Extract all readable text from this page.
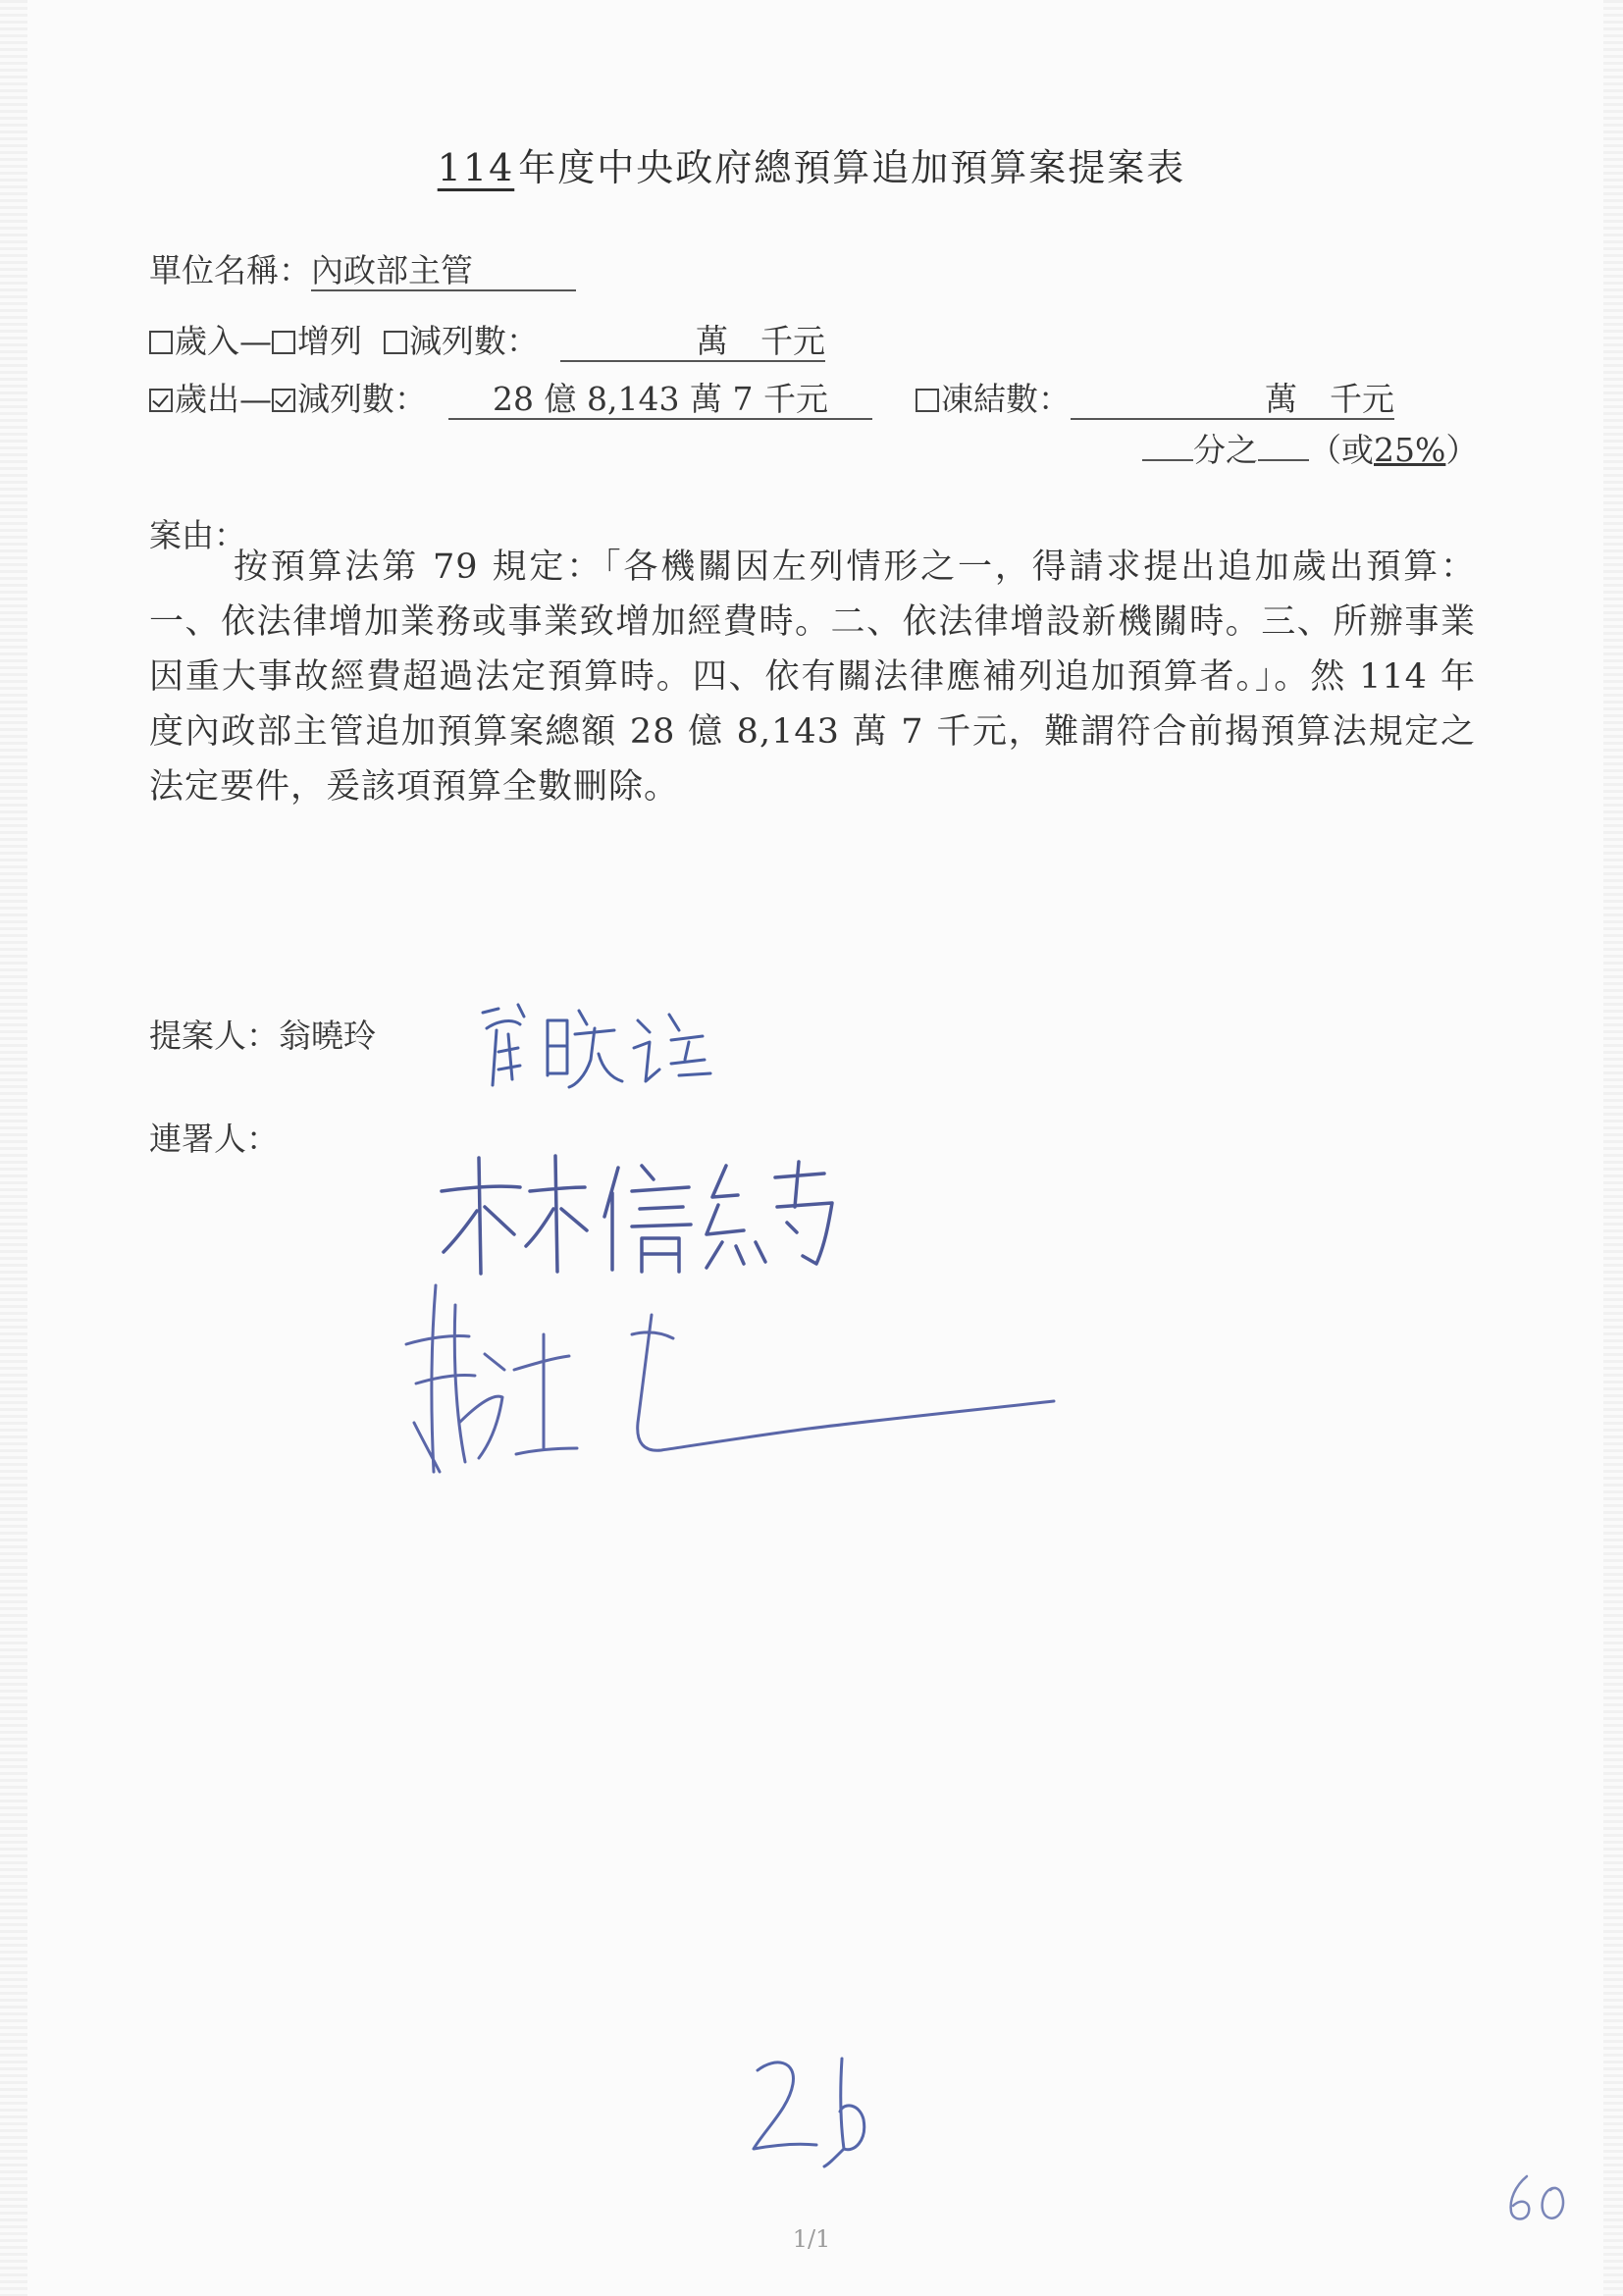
114 年度中央政府總預算追加預算案提案表
單位名稱：內政部主管
歲入— 增列 減列數：	萬　千元
歲出— 減列數： 28 億 8,143 萬 7 千元	凍結數：	萬　千元
分之 （或25%）
案由：
按預算法第 79 規定：「各機關因左列情形之一，得請求提出追加歲出預算：一、依法律增加業務或事業致增加經費時。二、依法律增設新機關時。三、所辦事業因重大事故經費超過法定預算時。四、依有關法律應補列追加預算者。」。然 114 年度內政部主管追加預算案總額 28 億 8,143 萬 7 千元，難謂符合前揭預算法規定之法定要件，爰該項預算全數刪除。
提案人：翁曉玲
連署人：
1/1
